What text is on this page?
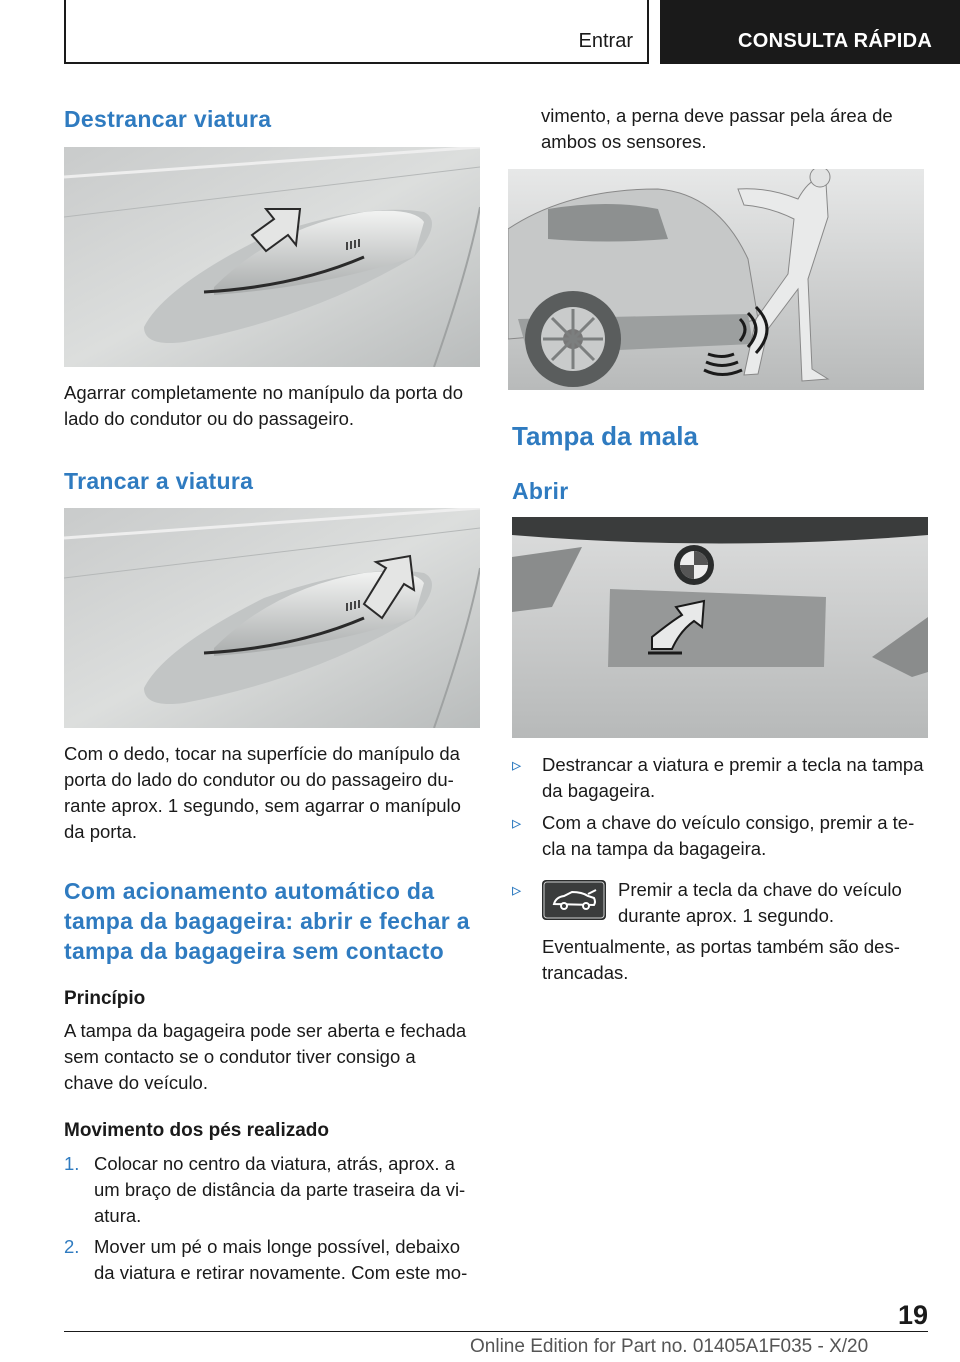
Entrar	CONSULTA RÁPIDA
Destrancar viatura
Agarrar completamente no manípulo da porta do
lado do condutor ou do passageiro.
Trancar a viatura
Com o dedo, tocar na superfície do manípulo da
porta do lado do condutor ou do passageiro du-
rante aprox. 1 segundo, sem agarrar o manípulo
da porta.
Com acionamento automático da
tampa da bagageira: abrir e fechar a
tampa da bagageira sem contacto
Princípio
A tampa da bagageira pode ser aberta e fechada
sem contacto se o condutor tiver consigo a
chave do veículo.
Movimento dos pés realizado
1. Colocar no centro da viatura, atrás, aprox. a
um braço de distância da parte traseira da vi-
atura.
2. Mover um pé o mais longe possível, debaixo
da viatura e retirar novamente. Com este mo-
vimento, a perna deve passar pela área de
ambos os sensores.
Tampa da mala
Abrir
▹ Destrancar a viatura e premir a tecla na tampa
da bagageira.
▹ Com a chave do veículo consigo, premir a te-
cla na tampa da bagageira.
▹	Premir a tecla da chave do veículo
durante aprox. 1 segundo.
Eventualmente, as portas também são des-
trancadas.
19
Online Edition for Part no. 01405A1F035 - X/20
